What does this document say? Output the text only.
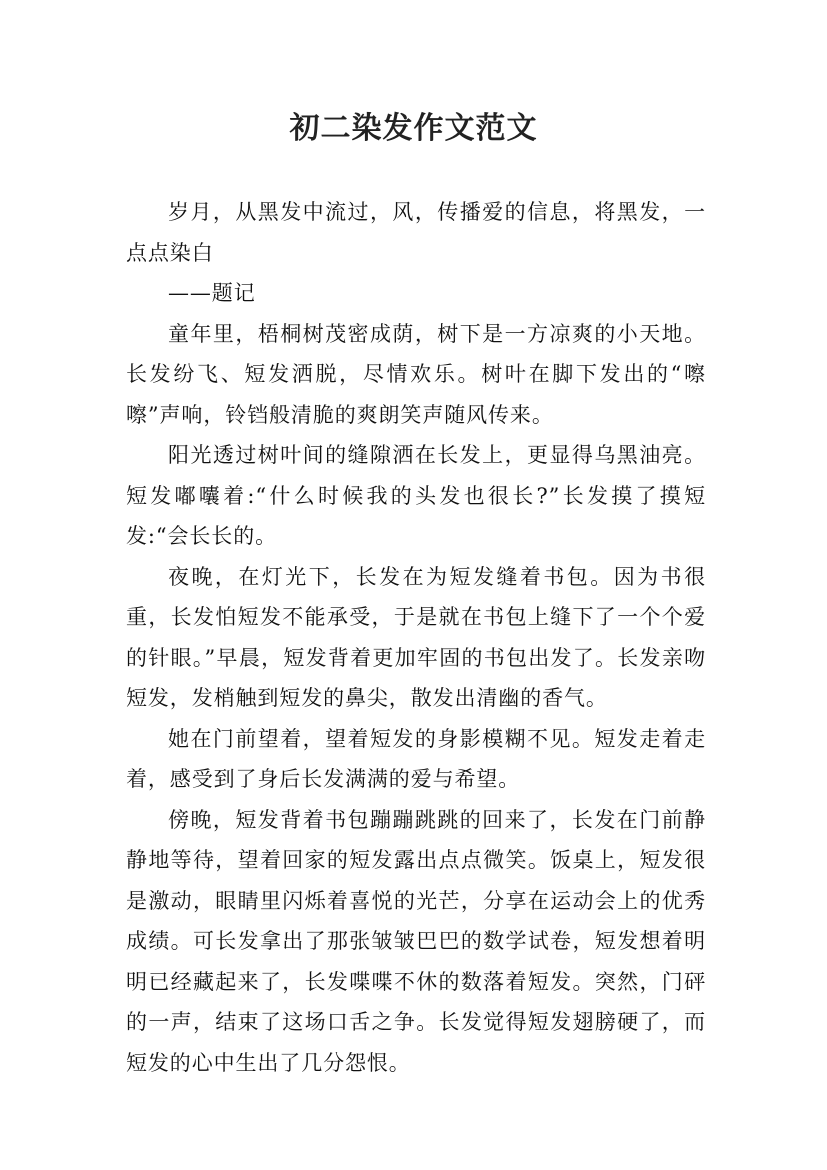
初二染发作文范文

岁月，从黑发中流过，风，传播爱的信息，将黑发，一点点染白

——题记

童年里，梧桐树茂密成荫，树下是一方凉爽的小天地。长发纷飞、短发洒脱，尽情欢乐。树叶在脚下发出的“嚓嚓”声响，铃铛般清脆的爽朗笑声随风传来。

阳光透过树叶间的缝隙洒在长发上，更显得乌黑油亮。短发嘟囔着:“什么时候我的头发也很长?”长发摸了摸短发:“会长长的。

夜晚，在灯光下，长发在为短发缝着书包。因为书很重，长发怕短发不能承受，于是就在书包上缝下了一个个爱的针眼。”早晨，短发背着更加牢固的书包出发了。长发亲吻短发，发梢触到短发的鼻尖，散发出清幽的香气。

她在门前望着，望着短发的身影模糊不见。短发走着走着，感受到了身后长发满满的爱与希望。

傍晚，短发背着书包蹦蹦跳跳的回来了，长发在门前静静地等待，望着回家的短发露出点点微笑。饭桌上，短发很是激动，眼睛里闪烁着喜悦的光芒，分享在运动会上的优秀成绩。可长发拿出了那张皱皱巴巴的数学试卷，短发想着明明已经藏起来了，长发喋喋不休的数落着短发。突然，门砰的一声，结束了这场口舌之争。长发觉得短发翅膀硬了，而短发的心中生出了几分怨恨。
